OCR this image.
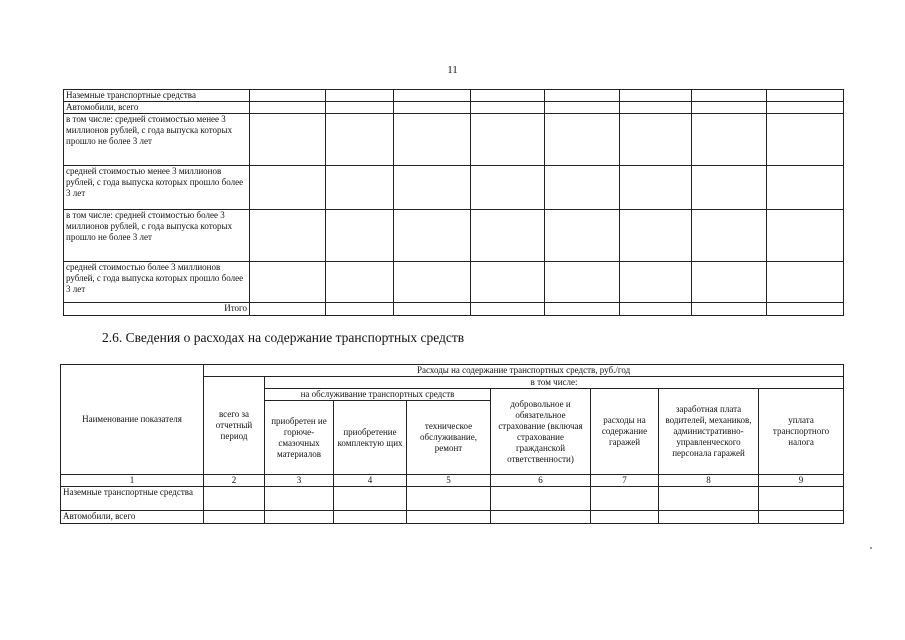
11
Наземные транспортные средства								
Автомобили, всего								
в том числе: средней стоимостью менее 3 миллионов рублей, с года выпуска которых прошло не более 3 лет								
средней стоимостью менее 3 миллионов рублей, с года выпуска которых прошло более 3 лет								
в том числе: средней стоимостью более 3 миллионов рублей, с года выпуска которых прошло не более 3 лет								
средней стоимостью более 3 миллионов рублей, с года выпуска которых прошло более 3 лет								
Итого								
2.6. Сведения о расходах на содержание транспортных средств
Наименование показателя	Расходы на содержание транспортных средств, руб./год							
	всего за отчетный период	в том числе:						
		на обслуживание транспортных средств			добровольное и обязательное страхование (включая страхование гражданской ответственности)	расходы на содержание гаражей	заработная плата водителей, механиков, административно-управленческого персонала гаражей	уплата транспортного налога
		приобретен ие горюче-смазочных материалов	приобретение комплектую щих	техническое обслуживание, ремонт				
1	2	3	4	5	6	7	8	9
Наземные транспортные средства								
Автомобили, всего								
